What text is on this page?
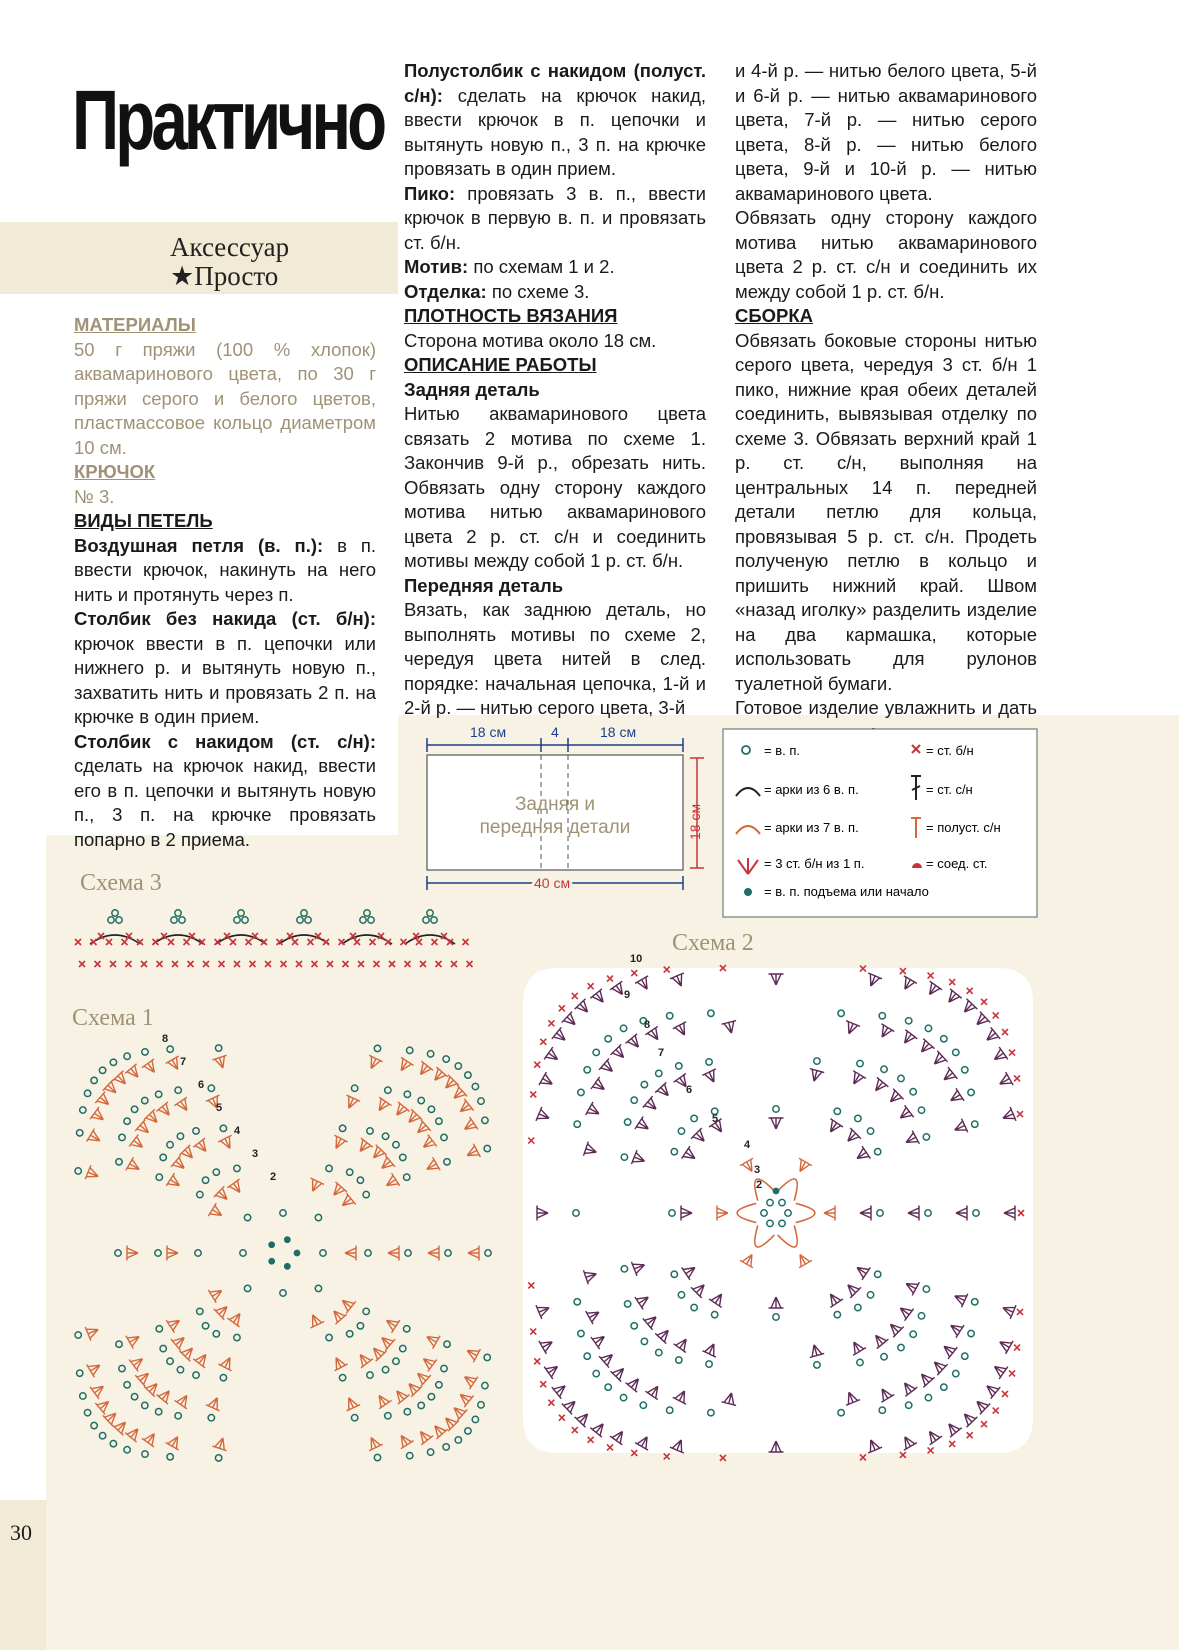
Практично
Аксессуар
★Просто

МАТЕРИАЛЫ

50 г пряжи (100 % хлопок) аквамаринового цвета, по 30 г пряжи серого и белого цветов, пластмассовое кольцо диаметром 10 см.

КРЮЧОК

№ 3.

ВИДЫ ПЕТЕЛЬ

Воздушная петля (в. п.): в п. ввести крючок, накинуть на него нить и протянуть через п.

Столбик без накида (ст. б/н): крючок ввести в п. цепочки или нижнего р. и вытянуть новую п., захватить нить и провязать 2 п. на крючке в один прием.

Столбик с накидом (ст. с/н): сделать на крючок накид, ввести его в п. цепочки и вытянуть новую п., 3 п. на крючке провязать попарно в 2 приема.

Полустолбик с накидом (полуст. с/н): сделать на крючок накид, ввести крючок в п. цепочки и вытянуть новую п., 3 п. на крючке провязать в один прием.

Пико: провязать 3 в. п., ввести крючок в первую в. п. и провязать ст. б/н.

Мотив: по схемам 1 и 2.

Отделка: по схеме 3.

ПЛОТНОСТЬ ВЯЗАНИЯ

Сторона мотива около 18 см.

ОПИСАНИЕ РАБОТЫ

Задняя деталь

Нитью аквамаринового цвета связать 2 мотива по схеме 1. Закончив 9-й р., обрезать нить. Обвязать одну сторону каждого мотива нитью аквамаринового цвета 2 р. ст. с/н и соединить мотивы между собой 1 р. ст. б/н.

Передняя деталь

Вязать, как заднюю деталь, но выполнять мотивы по схеме 2, чередуя цвета нитей в след. порядке: начальная цепочка, 1-й и 2-й р. — нитью серого цвета, 3-й

и 4-й р. — нитью белого цвета, 5-й и 6-й р. — нитью аквамаринового цвета, 7-й р. — нитью серого цвета, 8-й р. — нитью белого цвета, 9-й и 10-й р. — нитью аквамаринового цвета.

Обвязать одну сторону каждого мотива нитью аквамаринового цвета 2 р. ст. с/н и соединить их между собой 1 р. ст. б/н.

СБОРКА

Обвязать боковые стороны нитью серого цвета, чередуя 3 ст. б/н 1 пико, нижние края обеих деталей соединить, вывязывая отделку по схеме 3. Обвязать верхний край 1 р. ст. с/н, выполняя на центральных 14 п. передней детали петлю для кольца, провязывая 5 р. ст. с/н. Продеть полученую петлю в кольцо и пришить нижний край. Швом «назад иголку» разделить изделие на два кармашка, которые использовать для рулонов туалетной бумаги.

Готовое изделие увлажнить и дать

18 см	4	18 см
40 см
18 см
Задняя и
передняя детали
= в. п.	= ст. б/н
= арки из 6 в. п.	= ст. с/н
= арки из 7 в. п.	= полуст. с/н
= 3 ст. б/н из 1 п.	= соед. ст.
= в. п. подъема или начало
Схема 3
Схема 2
Схема 1
2
3
4
5
6
7
8
2
3
4
5
6
7
8
9
10
30
